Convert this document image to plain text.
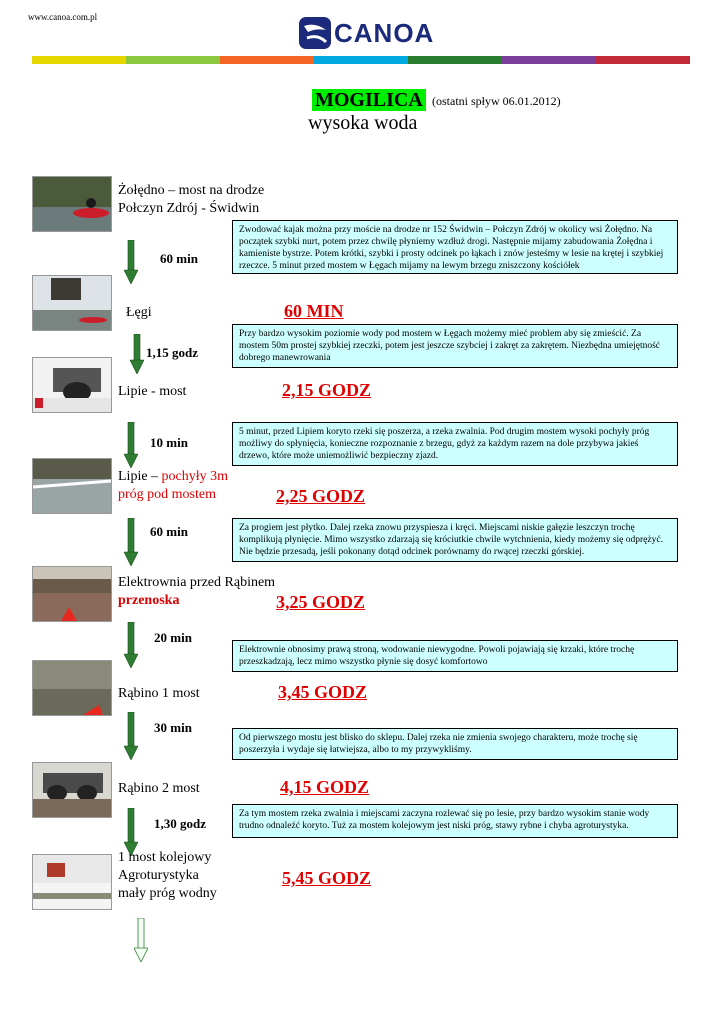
www.canoa.com.pl
CANOA
MOGILICA (ostatni spływ 06.01.2012)
wysoka woda
Żołędno – most na drodze
Połczyn Zdrój - Świdwin
60 min
Zwodować kajak można przy moście na drodze nr 152 Świdwin – Połczyn Zdrój w okolicy wsi Żołędno. Na początek szybki nurt, potem przez chwilę płyniemy wzdłuż drogi. Następnie mijamy zabudowania Żołędna i kamieniste bystrze. Potem krótki, szybki i prosty odcinek po łąkach i znów jesteśmy w lesie na krętej i szybkiej rzeczce. 5 minut przed mostem w Łęgach mijamy na lewym brzegu zniszczony kościółek
Łęgi	60 MIN
1,15 godz
Przy bardzo wysokim poziomie wody pod mostem w Łęgach możemy mieć problem aby się zmieścić. Za mostem 50m prostej szybkiej rzeczki, potem jest jeszcze szybciej i zakręt za zakrętem. Niezbędna umiejętność dobrego manewrowania
Lipie - most	2,15 GODZ
10 min
5 minut, przed Lipiem koryto rzeki się poszerza, a rzeka zwalnia. Pod drugim mostem wysoki pochyły próg możliwy do spłynięcia, konieczne rozpoznanie z brzegu, gdyż za każdym razem na dole przybywa jakieś drzewo, które może uniemożliwić bezpieczny zjazd.
Lipie – pochyły 3m
próg pod mostem	2,25 GODZ
60 min	Za progiem jest płytko. Dalej rzeka znowu przyspiesza i kręci. Miejscami niskie gałęzie leszczyn trochę komplikują płynięcie. Mimo wszystko zdarzają się króciutkie chwile wytchnienia, kiedy możemy się odprężyć. Nie będzie przesadą, jeśli pokonany dotąd odcinek porównamy do rwącej rzeczki górskiej.
Elektrownia przed Rąbinem
przenoska	3,25 GODZ
20 min
Elektrownie obnosimy prawą stroną, wodowanie niewygodne. Powoli pojawiają się krzaki, które trochę przeszkadzają, lecz mimo wszystko płynie się dosyć komfortowo
Rąbino 1 most	3,45 GODZ
30 min
Od pierwszego mostu jest blisko do sklepu. Dalej rzeka nie zmienia swojego charakteru, może trochę się poszerzyła i wydaje się łatwiejsza, albo to my przywykliśmy.
Rąbino 2 most	4,15 GODZ
1,30 godz
Za tym mostem rzeka zwalnia i miejscami zaczyna rozlewać się po lesie, przy bardzo wysokim stanie wody trudno odnaleźć koryto. Tuż za mostem kolejowym jest niski próg, stawy rybne i chyba agroturystyka.
1 most kolejowy
Agroturystyka
mały próg wodny
5,45 GODZ
